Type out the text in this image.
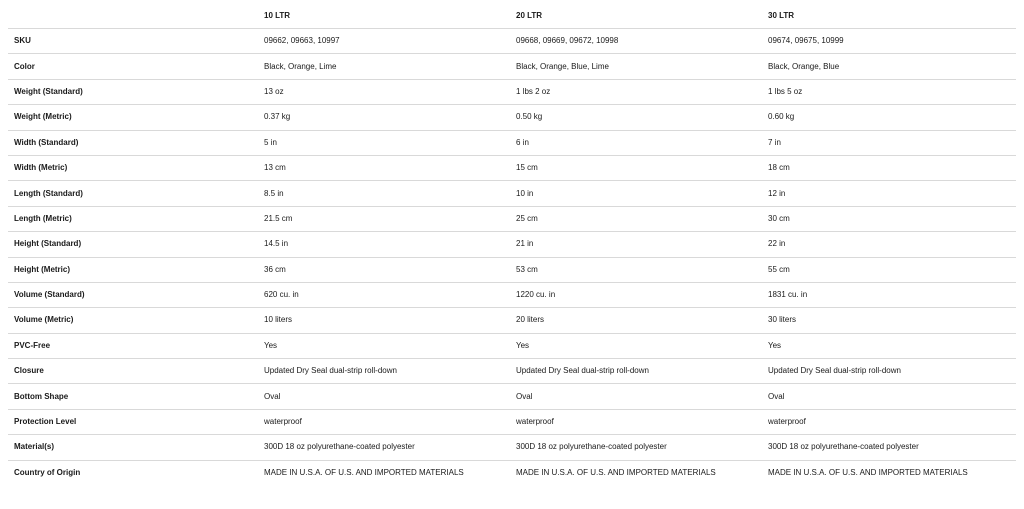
	10 LTR	20 LTR	30 LTR
SKU	09662, 09663, 10997	09668, 09669, 09672, 10998	09674, 09675, 10999
Color	Black, Orange, Lime	Black, Orange, Blue, Lime	Black, Orange, Blue
Weight (Standard)	13 oz	1 lbs 2 oz	1 lbs 5 oz
Weight (Metric)	0.37 kg	0.50 kg	0.60 kg
Width (Standard)	5 in	6 in	7 in
Width (Metric)	13 cm	15 cm	18 cm
Length (Standard)	8.5 in	10 in	12 in
Length (Metric)	21.5 cm	25 cm	30 cm
Height (Standard)	14.5 in	21 in	22 in
Height (Metric)	36 cm	53 cm	55 cm
Volume (Standard)	620 cu. in	1220 cu. in	1831 cu. in
Volume (Metric)	10 liters	20 liters	30 liters
PVC-Free	Yes	Yes	Yes
Closure	Updated Dry Seal dual-strip roll-down	Updated Dry Seal dual-strip roll-down	Updated Dry Seal dual-strip roll-down
Bottom Shape	Oval	Oval	Oval
Protection Level	waterproof	waterproof	waterproof
Material(s)	300D 18 oz polyurethane-coated polyester	300D 18 oz polyurethane-coated polyester	300D 18 oz polyurethane-coated polyester
Country of Origin	MADE IN U.S.A. OF U.S. AND IMPORTED MATERIALS	MADE IN U.S.A. OF U.S. AND IMPORTED MATERIALS	MADE IN U.S.A. OF U.S. AND IMPORTED MATERIALS
